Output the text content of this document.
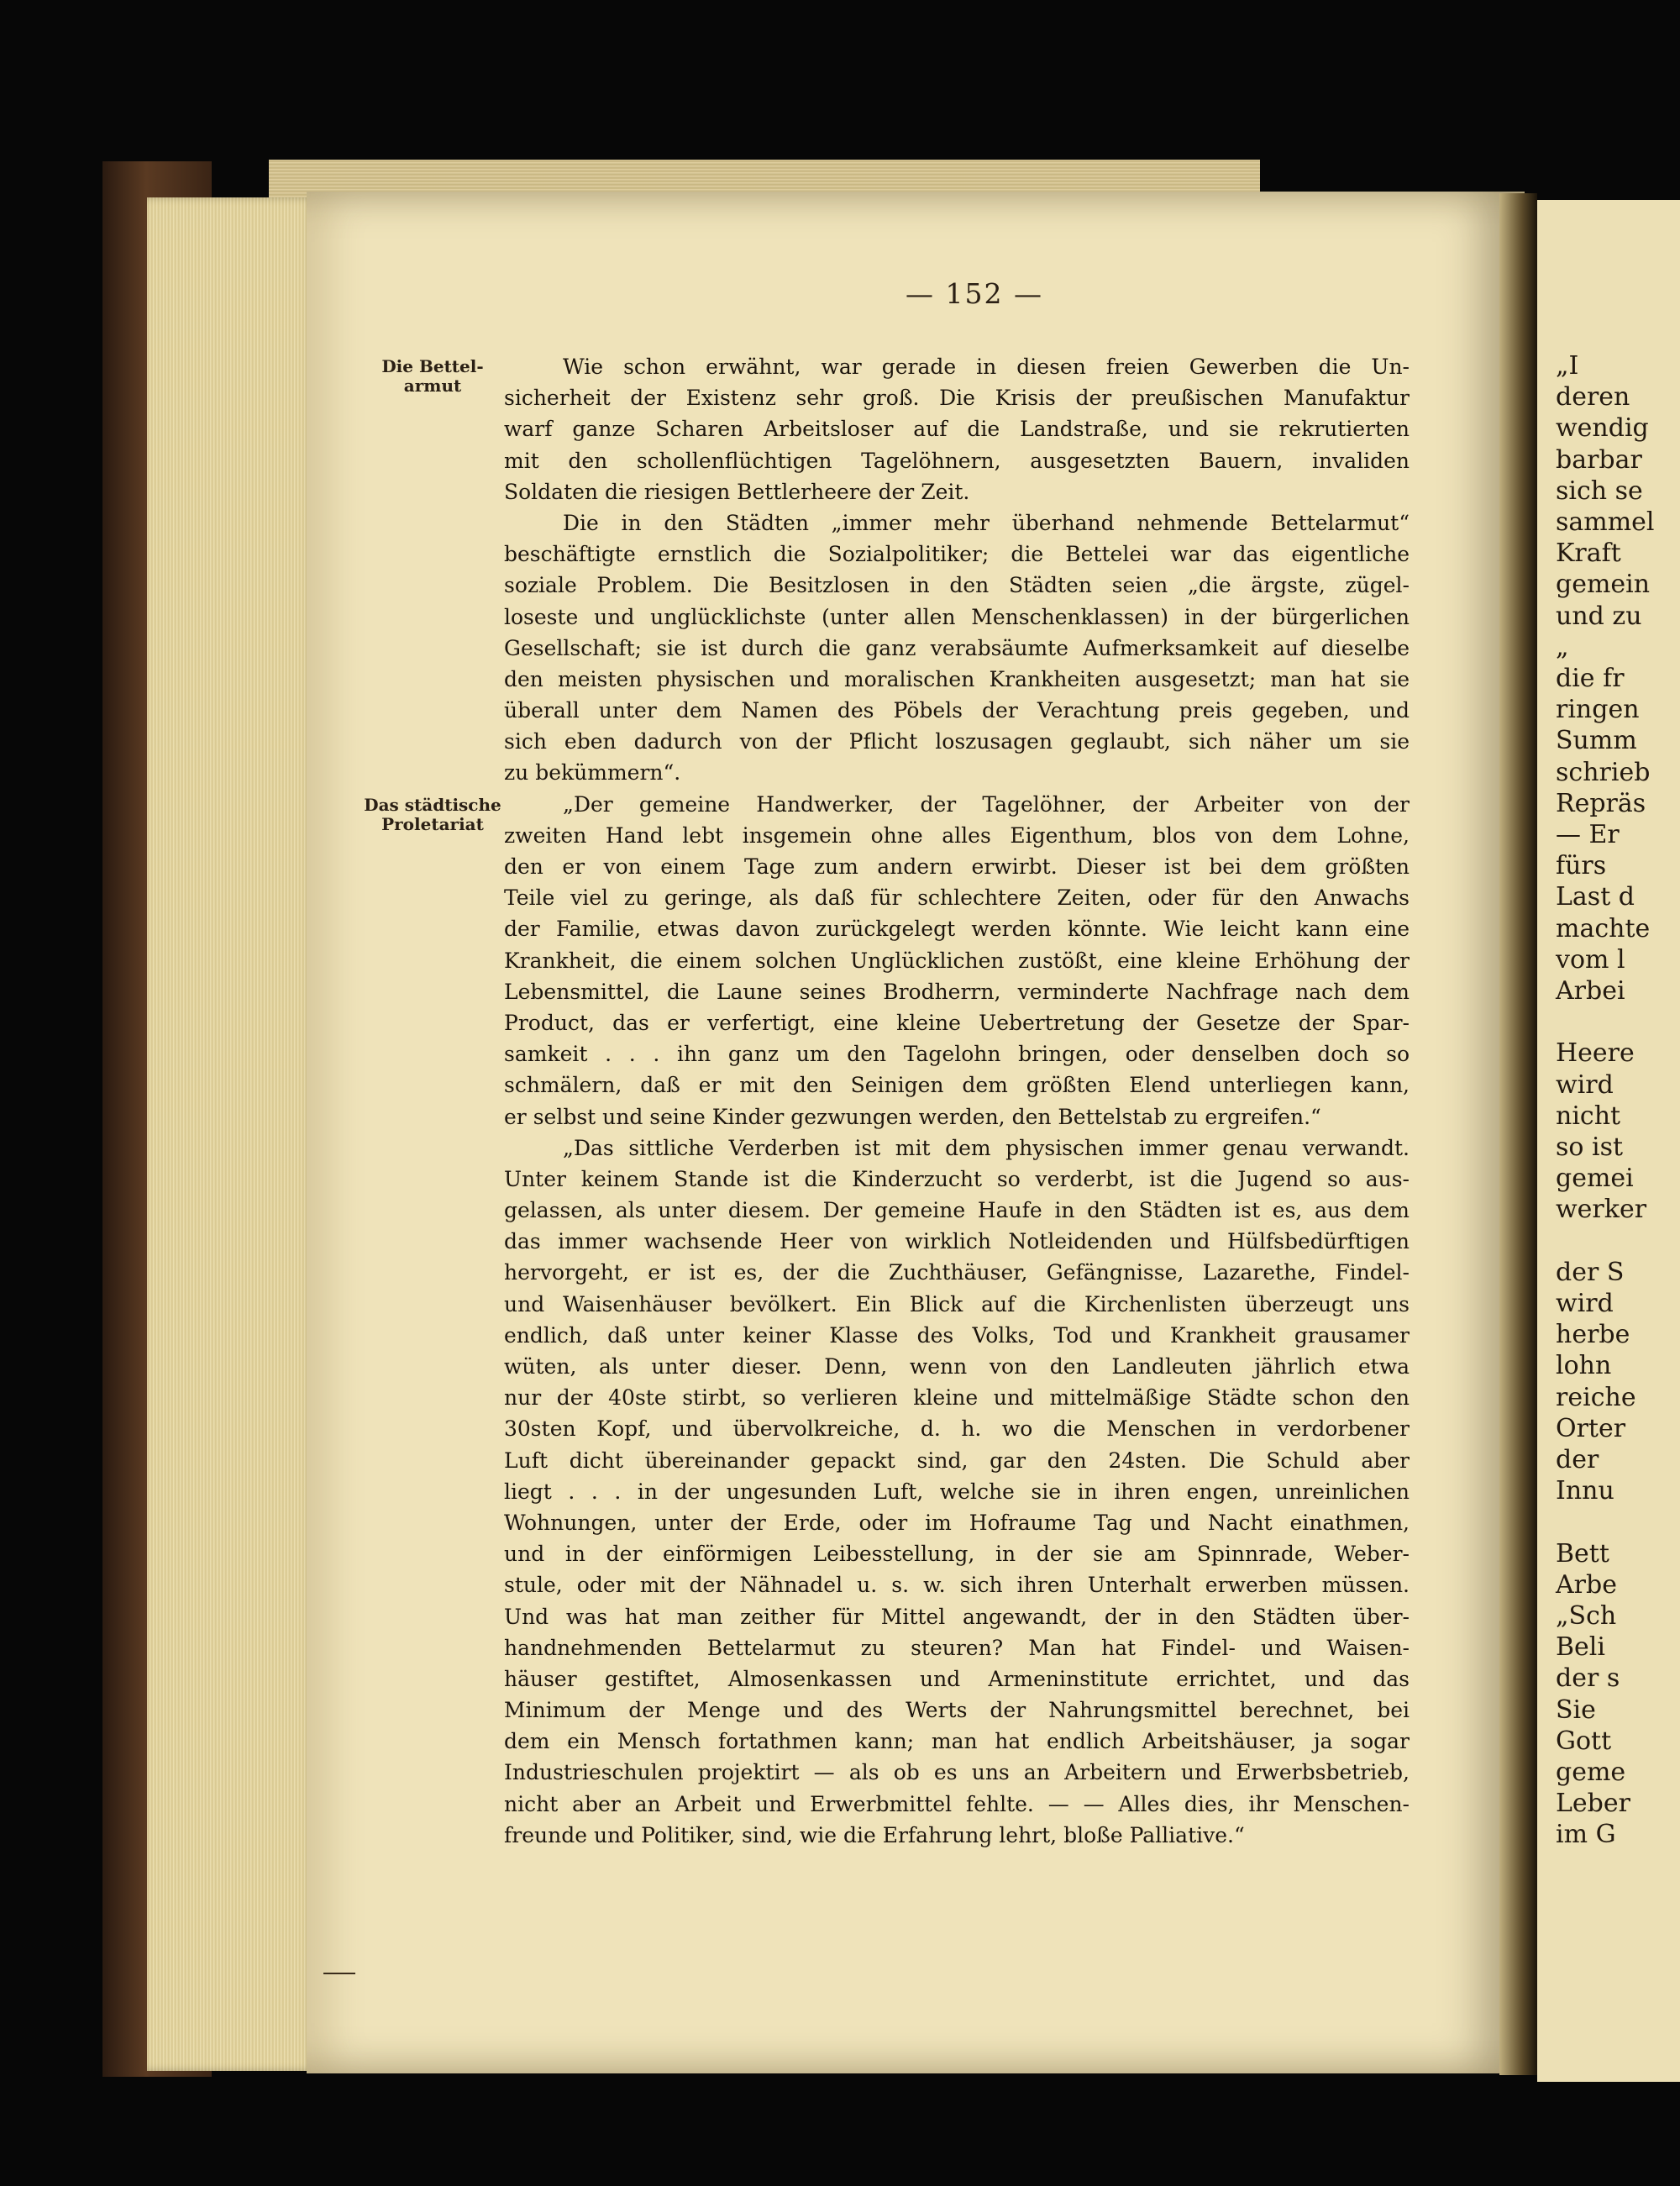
— 152 —
Die Bettel-
armut
Das städtische
Proletariat
Wie schon erwähnt, war gerade in diesen freien Gewerben die Un-
sicherheit der Existenz sehr groß. Die Krisis der preußischen Manufaktur
warf ganze Scharen Arbeitsloser auf die Landstraße, und sie rekrutierten
mit den schollenflüchtigen Tagelöhnern, ausgesetzten Bauern, invaliden
Soldaten die riesigen Bettlerheere der Zeit.
Die in den Städten „immer mehr überhand nehmende Bettelarmut“
beschäftigte ernstlich die Sozialpolitiker; die Bettelei war das eigentliche
soziale Problem. Die Besitzlosen in den Städten seien „die ärgste, zügel-
loseste und unglücklichste (unter allen Menschenklassen) in der bürgerlichen
Gesellschaft; sie ist durch die ganz verabsäumte Aufmerksamkeit auf dieselbe
den meisten physischen und moralischen Krankheiten ausgesetzt; man hat sie
überall unter dem Namen des Pöbels der Verachtung preis gegeben, und
sich eben dadurch von der Pflicht loszusagen geglaubt, sich näher um sie
zu bekümmern“.
„Der gemeine Handwerker, der Tagelöhner, der Arbeiter von der
zweiten Hand lebt insgemein ohne alles Eigenthum, blos von dem Lohne,
den er von einem Tage zum andern erwirbt. Dieser ist bei dem größten
Teile viel zu geringe, als daß für schlechtere Zeiten, oder für den Anwachs
der Familie, etwas davon zurückgelegt werden könnte. Wie leicht kann eine
Krankheit, die einem solchen Unglücklichen zustößt, eine kleine Erhöhung der
Lebensmittel, die Laune seines Brodherrn, verminderte Nachfrage nach dem
Product, das er verfertigt, eine kleine Uebertretung der Gesetze der Spar-
samkeit . . . ihn ganz um den Tagelohn bringen, oder denselben doch so
schmälern, daß er mit den Seinigen dem größten Elend unterliegen kann,
er selbst und seine Kinder gezwungen werden, den Bettelstab zu ergreifen.“
„Das sittliche Verderben ist mit dem physischen immer genau verwandt.
Unter keinem Stande ist die Kinderzucht so verderbt, ist die Jugend so aus-
gelassen, als unter diesem. Der gemeine Haufe in den Städten ist es, aus dem
das immer wachsende Heer von wirklich Notleidenden und Hülfsbedürftigen
hervorgeht, er ist es, der die Zuchthäuser, Gefängnisse, Lazarethe, Findel-
und Waisenhäuser bevölkert. Ein Blick auf die Kirchenlisten überzeugt uns
endlich, daß unter keiner Klasse des Volks, Tod und Krankheit grausamer
wüten, als unter dieser. Denn, wenn von den Landleuten jährlich etwa
nur der 40ste stirbt, so verlieren kleine und mittelmäßige Städte schon den
30sten Kopf, und übervolkreiche, d. h. wo die Menschen in verdorbener
Luft dicht übereinander gepackt sind, gar den 24sten. Die Schuld aber
liegt . . . in der ungesunden Luft, welche sie in ihren engen, unreinlichen
Wohnungen, unter der Erde, oder im Hofraume Tag und Nacht einathmen,
und in der einförmigen Leibesstellung, in der sie am Spinnrade, Weber-
stule, oder mit der Nähnadel u. s. w. sich ihren Unterhalt erwerben müssen.
Und was hat man zeither für Mittel angewandt, der in den Städten über-
handnehmenden Bettelarmut zu steuren? Man hat Findel- und Waisen-
häuser gestiftet, Almosenkassen und Armeninstitute errichtet, und das
Minimum der Menge und des Werts der Nahrungsmittel berechnet, bei
dem ein Mensch fortathmen kann; man hat endlich Arbeitshäuser, ja sogar
Industrieschulen projektirt — als ob es uns an Arbeitern und Erwerbsbetrieb,
nicht aber an Arbeit und Erwerbmittel fehlte. — — Alles dies, ihr Menschen-
freunde und Politiker, sind, wie die Erfahrung lehrt, bloße Palliative.“
„I
deren
wendig
barbar
sich se
sammel
Kraft
gemein
und zu
„
die fr
ringen
Summ
schrieb
Repräs
— Er
fürs
Last d
machte
vom l
Arbei
Heere
wird
nicht
so ist
gemei
werker
der S
wird
herbe
lohn
reiche
Orter
der
Innu
Bett
Arbe
„Sch
Beli
der s
Sie
Gott
geme
Leber
im G
